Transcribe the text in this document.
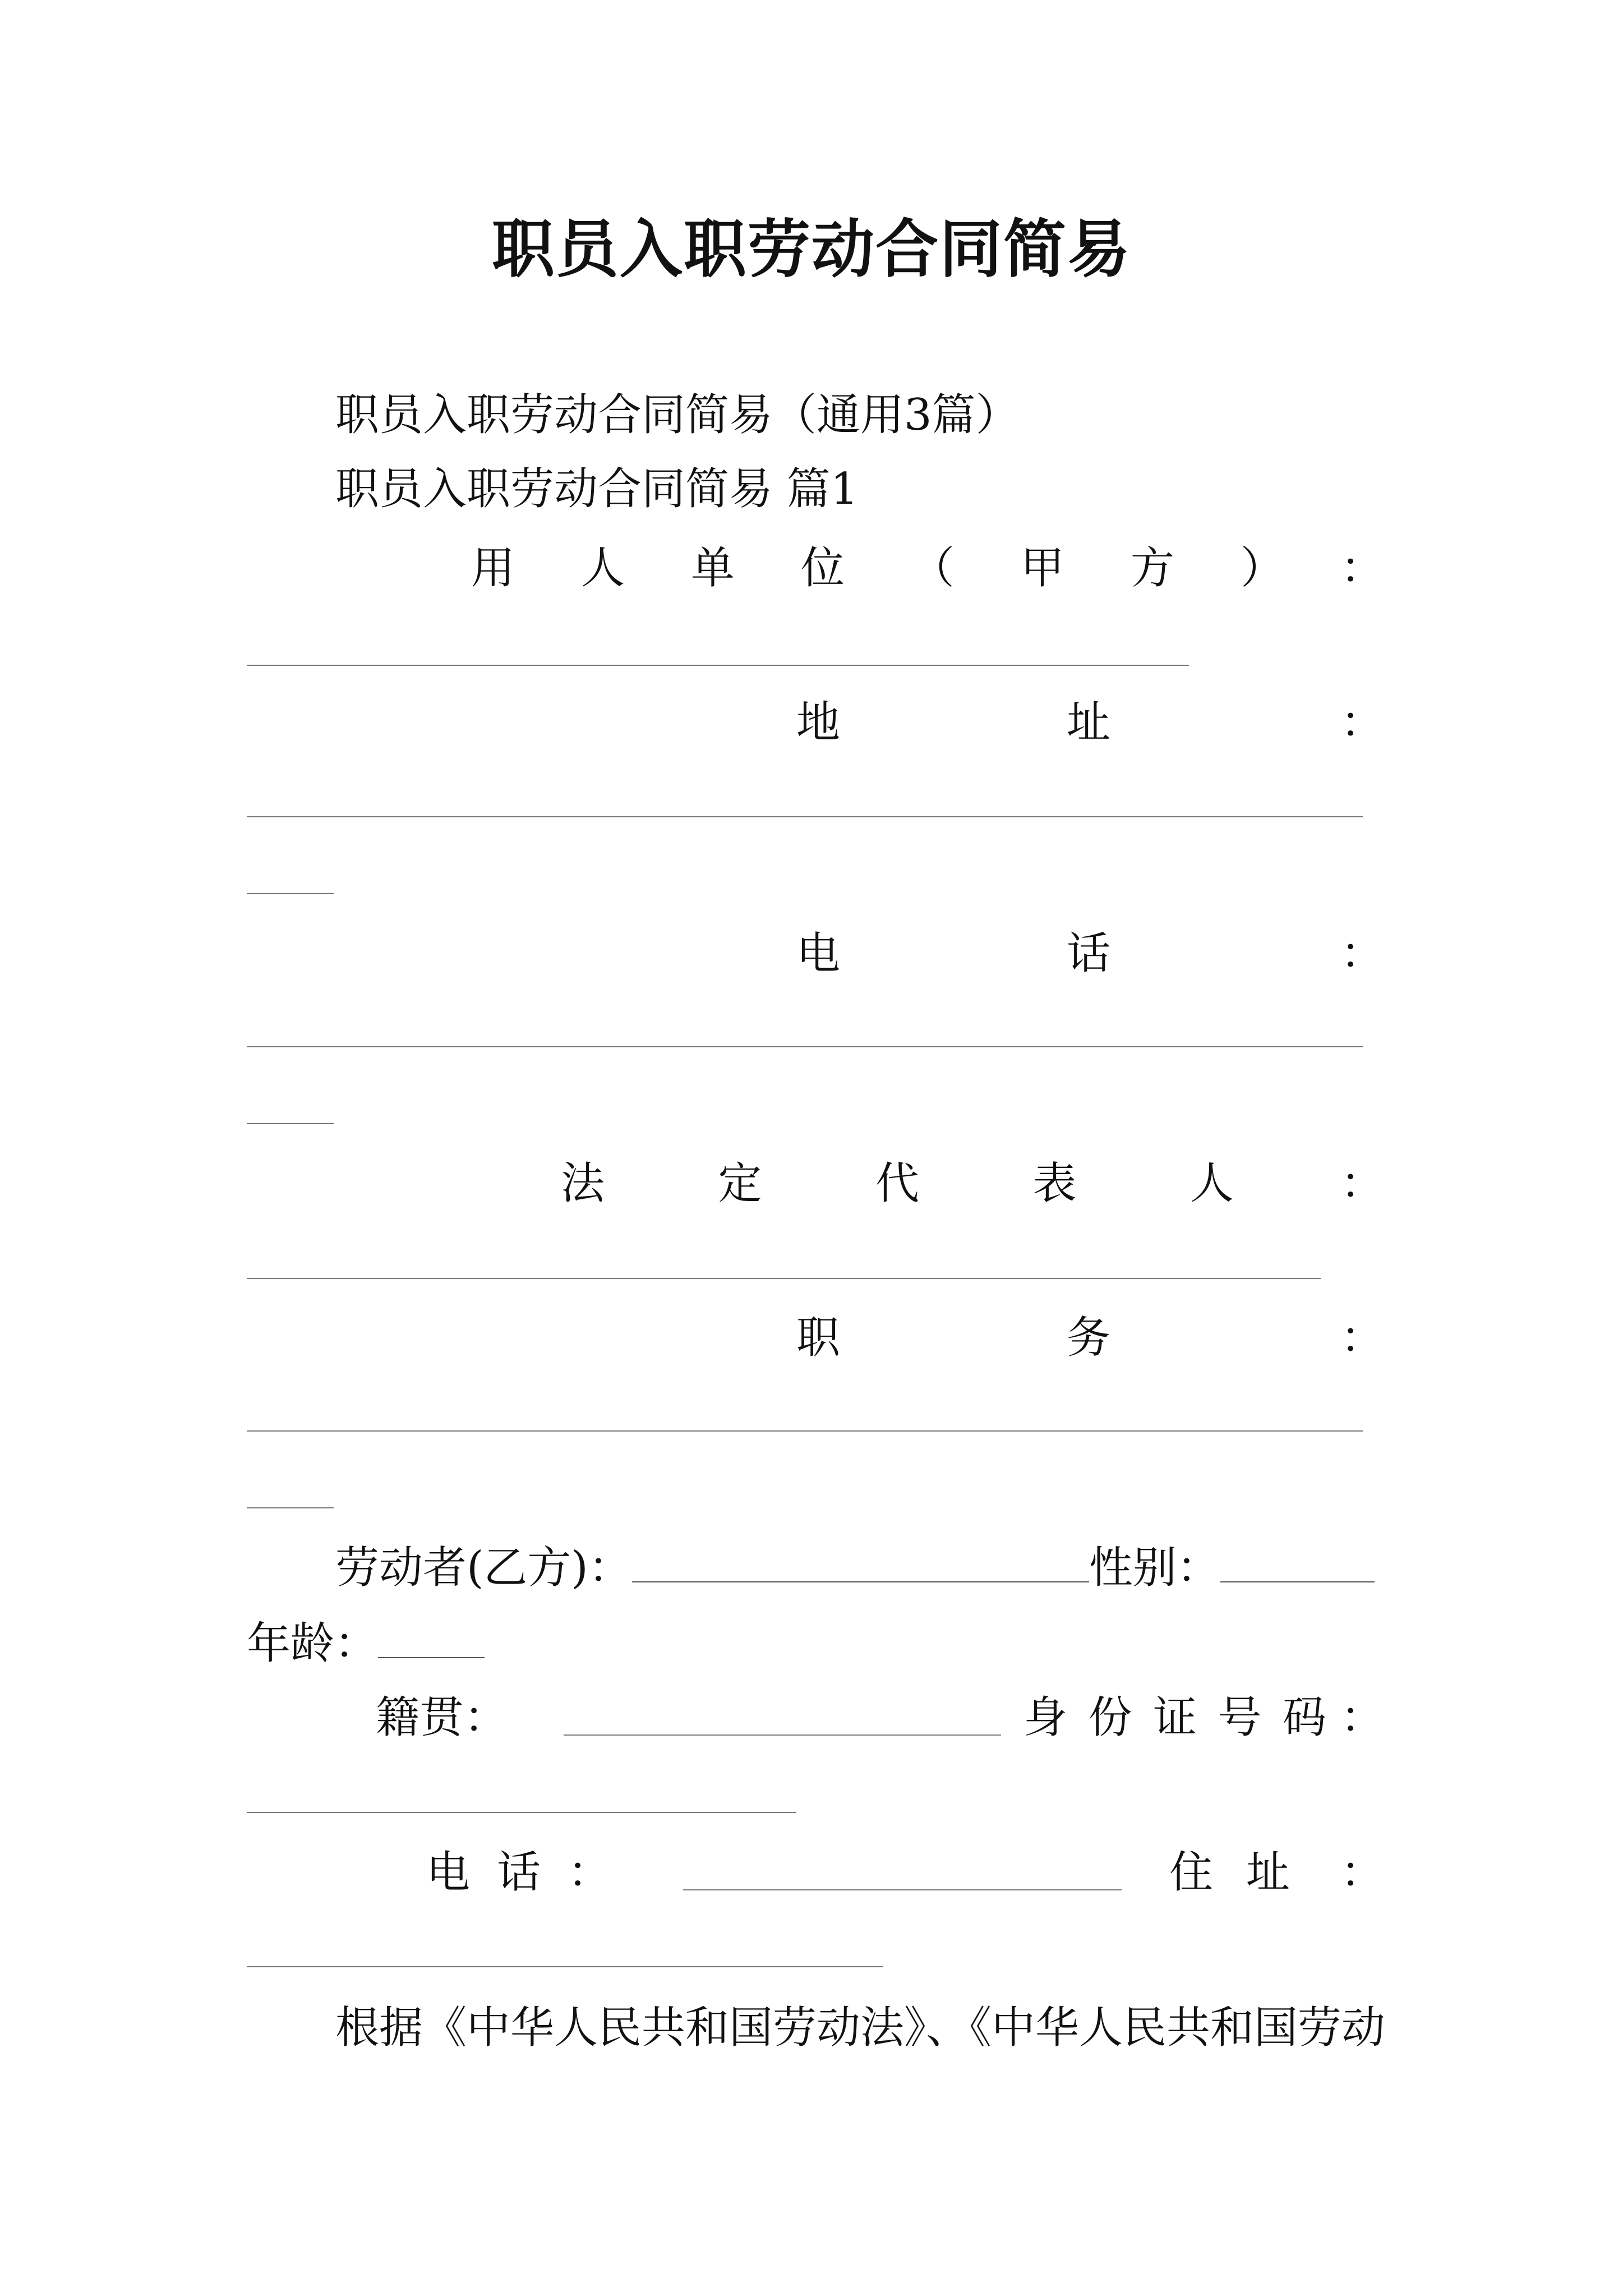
职员入职劳动合同简易
职员入职劳动合同简易（通用3篇）
职员入职劳动合同简易 篇1
用 人 单 位 （ 甲 方 ） ：
地	址	：
电	话	：
法	定	代	表	人 ：
职	务	：
劳动者(乙方)：	性别：
年龄：
籍 贯 ：	身 份 证 号 码 ：
电 话 ：	住 址 ：
根据《中华人民共和国劳动法》、《中华人民共和国劳动
